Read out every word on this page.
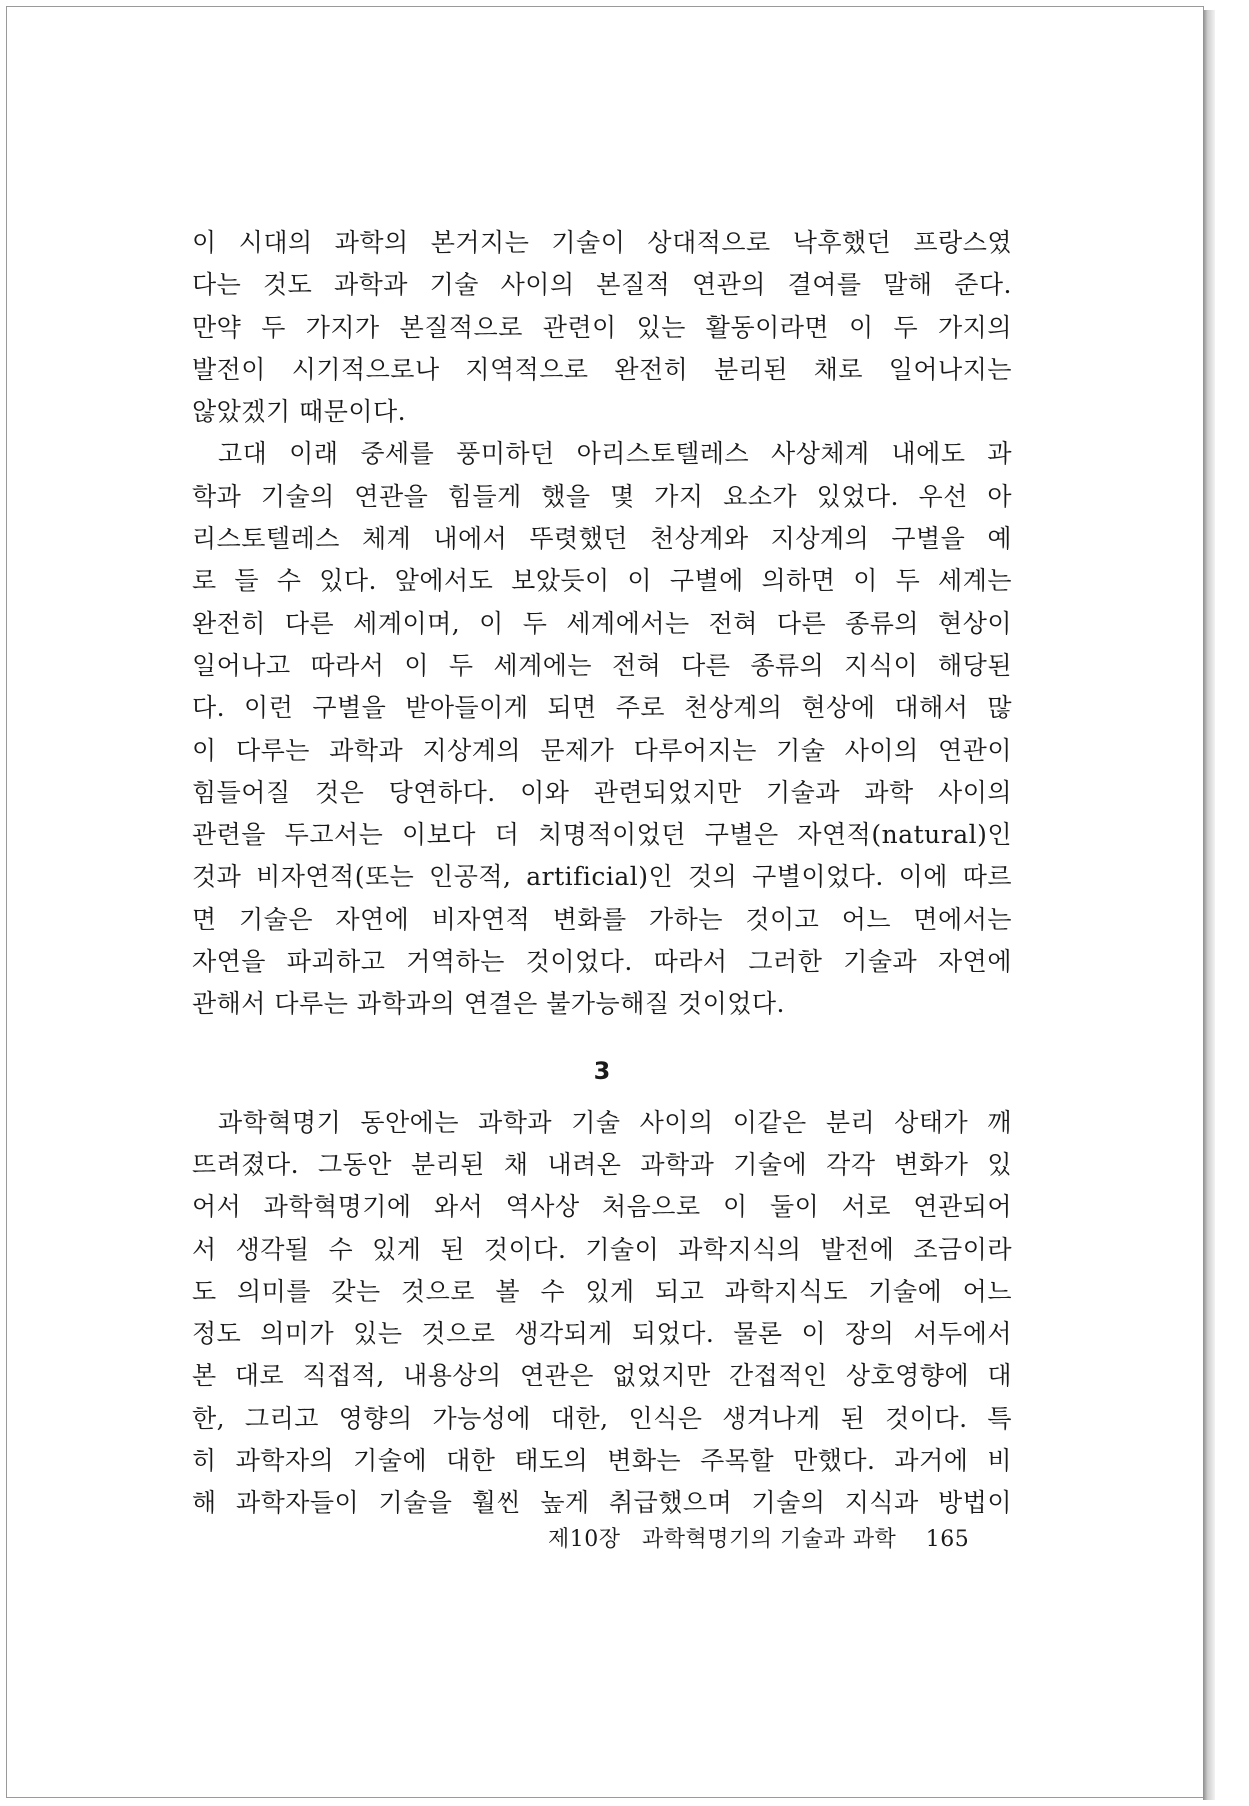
이 시대의 과학의 본거지는 기술이 상대적으로 낙후했던 프랑스였
다는 것도 과학과 기술 사이의 본질적 연관의 결여를 말해 준다.
만약 두 가지가 본질적으로 관련이 있는 활동이라면 이 두 가지의
발전이 시기적으로나 지역적으로 완전히 분리된 채로 일어나지는
않았겠기 때문이다.

고대 이래 중세를 풍미하던 아리스토텔레스 사상체계 내에도 과
학과 기술의 연관을 힘들게 했을 몇 가지 요소가 있었다. 우선 아
리스토텔레스 체계 내에서 뚜렷했던 천상계와 지상계의 구별을 예
로 들 수 있다. 앞에서도 보았듯이 이 구별에 의하면 이 두 세계는
완전히 다른 세계이며, 이 두 세계에서는 전혀 다른 종류의 현상이
일어나고 따라서 이 두 세계에는 전혀 다른 종류의 지식이 해당된
다. 이런 구별을 받아들이게 되면 주로 천상계의 현상에 대해서 많
이 다루는 과학과 지상계의 문제가 다루어지는 기술 사이의 연관이
힘들어질 것은 당연하다. 이와 관련되었지만 기술과 과학 사이의
관련을 두고서는 이보다 더 치명적이었던 구별은 자연적(natural)인
것과 비자연적(또는 인공적, artificial)인 것의 구별이었다. 이에 따르
면 기술은 자연에 비자연적 변화를 가하는 것이고 어느 면에서는
자연을 파괴하고 거역하는 것이었다. 따라서 그러한 기술과 자연에
관해서 다루는 과학과의 연결은 불가능해질 것이었다.

3

과학혁명기 동안에는 과학과 기술 사이의 이같은 분리 상태가 깨
뜨려졌다. 그동안 분리된 채 내려온 과학과 기술에 각각 변화가 있
어서 과학혁명기에 와서 역사상 처음으로 이 둘이 서로 연관되어
서 생각될 수 있게 된 것이다. 기술이 과학지식의 발전에 조금이라
도 의미를 갖는 것으로 볼 수 있게 되고 과학지식도 기술에 어느
정도 의미가 있는 것으로 생각되게 되었다. 물론 이 장의 서두에서
본 대로 직접적, 내용상의 연관은 없었지만 간접적인 상호영향에 대
한, 그리고 영향의 가능성에 대한, 인식은 생겨나게 된 것이다. 특
히 과학자의 기술에 대한 태도의 변화는 주목할 만했다. 과거에 비
해 과학자들이 기술을 훨씬 높게 취급했으며 기술의 지식과 방법이

제10장 과학혁명기의 기술과 과학 165
